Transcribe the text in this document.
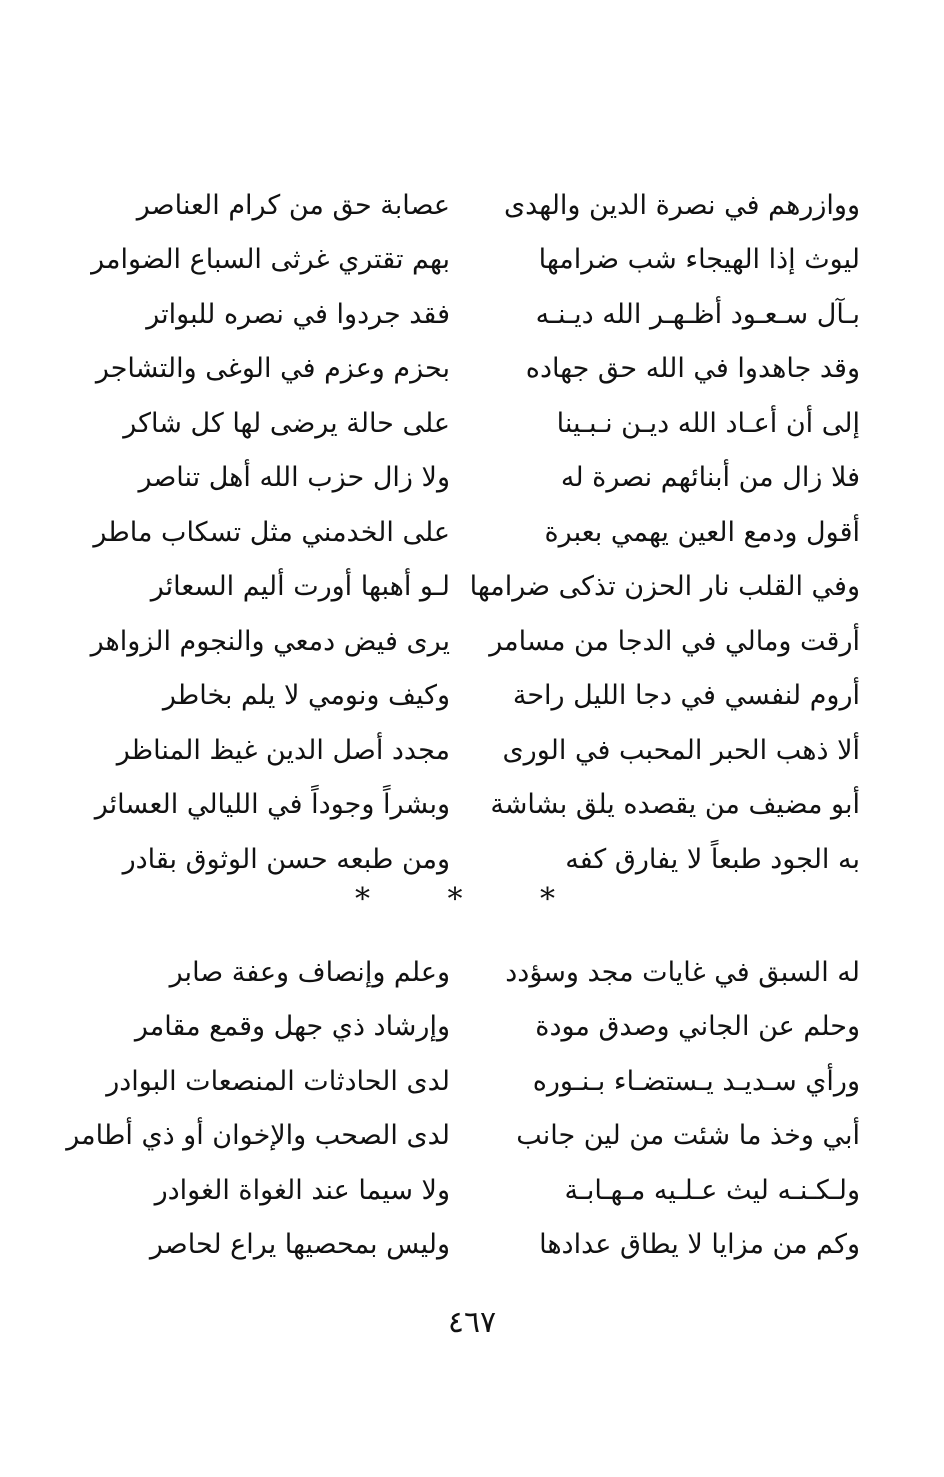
ووازرهم في نصرة الدين والهدى
عصابة حق من كرام العناصر
ليوث إذا الهيجاء شب ضرامها
بهم تقتري غرثى السباع الضوامر
بـآل سـعـود أظـهـر الله ديـنـه
فقد جردوا في نصره للبواتر
وقد جاهدوا في الله حق جهاده
بحزم وعزم في الوغى والتشاجر
إلى أن أعـاد الله ديـن نـبـينا
على حالة يرضى لها كل شاكر
فلا زال من أبنائهم نصرة له
ولا زال حزب الله أهل تناصر
أقول ودمع العين يهمي بعبرة
على الخدمني مثل تسكاب ماطر
وفي القلب نار الحزن تذكى ضرامها
لـو أهبها أورت أليم السعائر
أرقت ومالي في الدجا من مسامر
يرى فيض دمعي والنجوم الزواهر
أروم لنفسي في دجا الليل راحة
وكيف ونومي لا يلم بخاطر
ألا ذهب الحبر المحبب في الورى
مجدد أصل الدين غيظ المناظر
أبو مضيف من يقصده يلق بشاشة
وبشراً وجوداً في الليالي العسائر
به الجود طبعاً لا يفارق كفه
ومن طبعه حسن الوثوق بقادر
* * *
له السبق في غايات مجد وسؤدد
وعلم وإنصاف وعفة صابر
وحلم عن الجاني وصدق مودة
وإرشاد ذي جهل وقمع مقامر
ورأي سـديـد يـستضـاء بـنـوره
لدى الحادثات المنصعات البوادر
أبي وخذ ما شئت من لين جانب
لدى الصحب والإخوان أو ذي أطامر
ولـكـنـه ليث عـلـيه مـهـابـة
ولا سيما عند الغواة الغوادر
وكم من مزايا لا يطاق عدادها
وليس بمحصيها يراع لحاصر
٤٦٧
